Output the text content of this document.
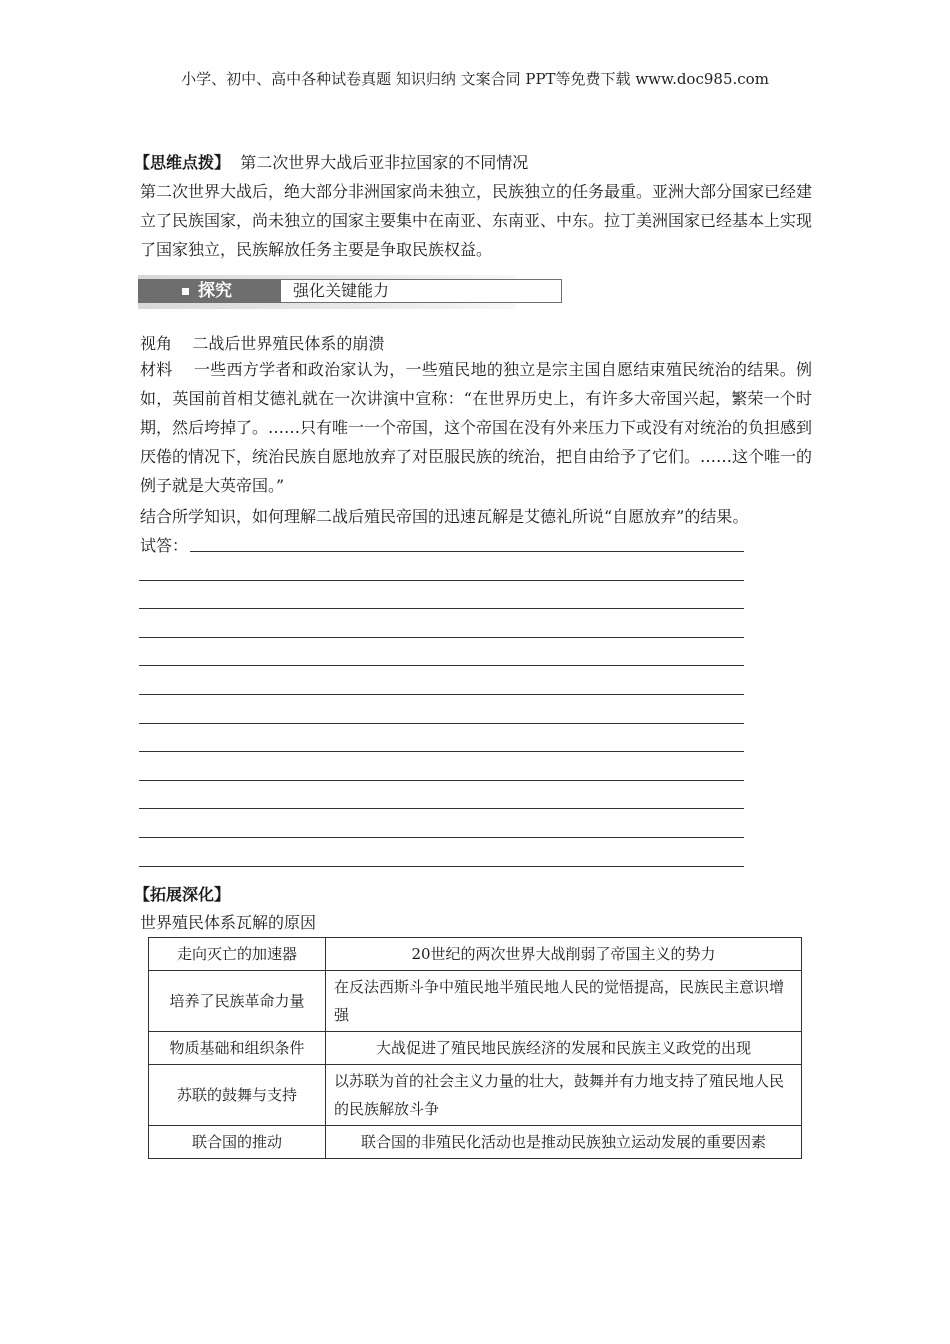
小学、初中、高中各种试卷真题 知识归纳 文案合同 PPT等免费下载 www.doc985.com
【思维点拨】 第二次世界大战后亚非拉国家的不同情况
第二次世界大战后，绝大部分非洲国家尚未独立，民族独立的任务最重。亚洲大部分国家已经建立了民族国家，尚未独立的国家主要集中在南亚、东南亚、中东。拉丁美洲国家已经基本上实现了国家独立，民族解放任务主要是争取民族权益。
探究	强化关键能力
视角 二战后世界殖民体系的崩溃
材料 一些西方学者和政治家认为，一些殖民地的独立是宗主国自愿结束殖民统治的结果。例如，英国前首相艾德礼就在一次讲演中宣称：“在世界历史上，有许多大帝国兴起，繁荣一个时期，然后垮掉了。……只有唯一一个帝国，这个帝国在没有外来压力下或没有对统治的负担感到厌倦的情况下，统治民族自愿地放弃了对臣服民族的统治，把自由给予了它们。……这个唯一的例子就是大英帝国。”
结合所学知识，如何理解二战后殖民帝国的迅速瓦解是艾德礼所说“自愿放弃”的结果。
试答：
【拓展深化】
世界殖民体系瓦解的原因
走向灭亡的加速器	20世纪的两次世界大战削弱了帝国主义的势力
培养了民族革命力量	在反法西斯斗争中殖民地半殖民地人民的觉悟提高，民族民主意识增强
物质基础和组织条件	大战促进了殖民地民族经济的发展和民族主义政党的出现
苏联的鼓舞与支持	以苏联为首的社会主义力量的壮大，鼓舞并有力地支持了殖民地人民的民族解放斗争
联合国的推动	联合国的非殖民化活动也是推动民族独立运动发展的重要因素
